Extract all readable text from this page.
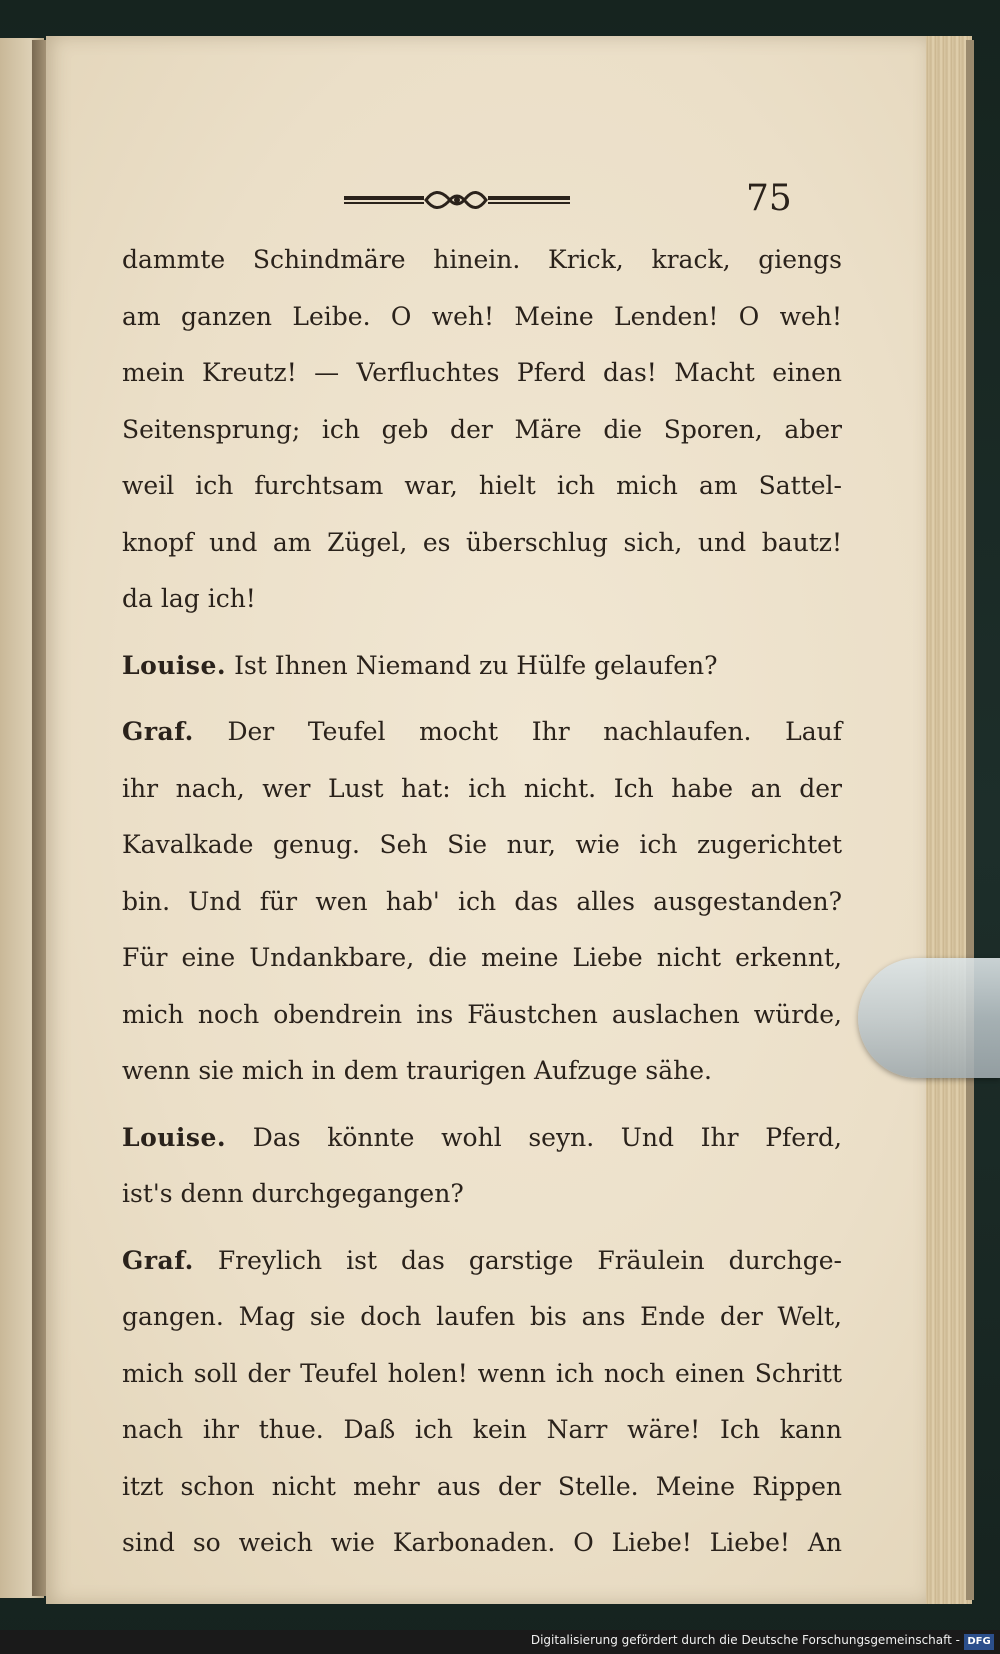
75
dammte Schindmäre hinein. Krick, krack, giengs
am ganzen Leibe. O weh! Meine Lenden! O weh!
mein Kreutz! — Verfluchtes Pferd das! Macht einen
Seitensprung; ich geb der Märe die Sporen, aber
weil ich furchtsam war, hielt ich mich am Sattel-
knopf und am Zügel, es überschlug sich, und bautz!
da lag ich!
Louise. Ist Ihnen Niemand zu Hülfe gelaufen?
Graf. Der Teufel mocht Ihr nachlaufen. Lauf
ihr nach, wer Lust hat: ich nicht. Ich habe an der
Kavalkade genug. Seh Sie nur, wie ich zugerichtet
bin. Und für wen hab' ich das alles ausgestanden?
Für eine Undankbare, die meine Liebe nicht erkennt,
mich noch obendrein ins Fäustchen auslachen würde,
wenn sie mich in dem traurigen Aufzuge sähe.
Louise. Das könnte wohl seyn. Und Ihr Pferd,
ist's denn durchgegangen?
Graf. Freylich ist das garstige Fräulein durchge-
gangen. Mag sie doch laufen bis ans Ende der Welt,
mich soll der Teufel holen! wenn ich noch einen Schritt
nach ihr thue. Daß ich kein Narr wäre! Ich kann
itzt schon nicht mehr aus der Stelle. Meine Rippen
sind so weich wie Karbonaden. O Liebe! Liebe! An
Digitalisierung gefördert durch die Deutsche Forschungsgemeinschaft - DFG
